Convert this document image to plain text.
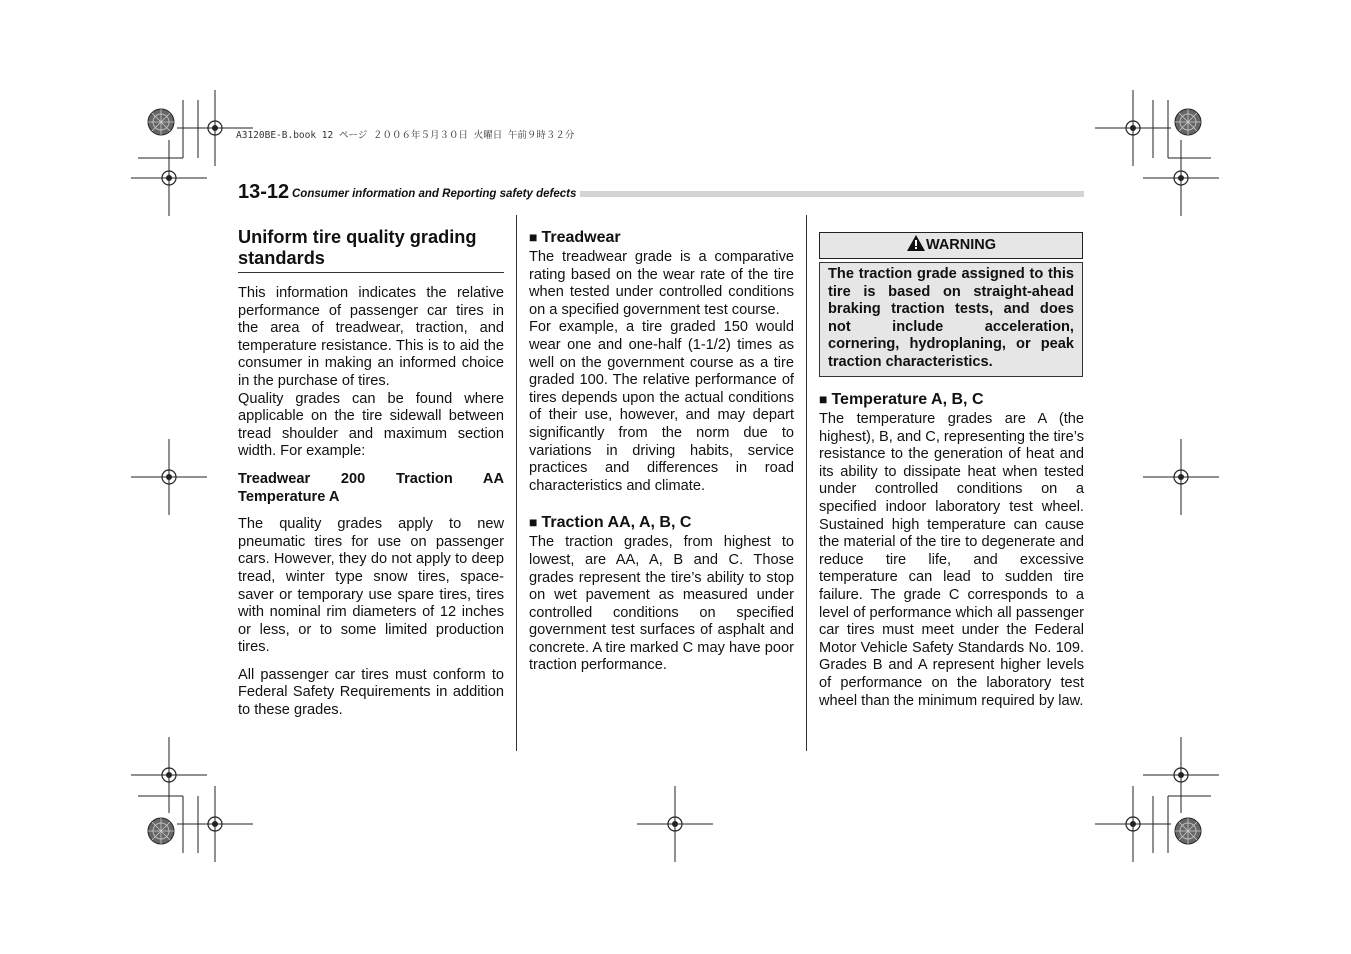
A3120BE-B.book 12 ページ ２００６年５月３０日 火曜日 午前９時３２分
13-12 Consumer information and Reporting safety defects
Uniform tire quality grading standards

This information indicates the relative performance of passenger car tires in the area of treadwear, traction, and temperature resistance. This is to aid the consumer in making an informed choice in the purchase of tires.

Quality grades can be found where applicable on the tire sidewall between tread shoulder and maximum section width. For example:

Treadwear 200 Traction AA Temperature A

The quality grades apply to new pneumatic tires for use on passenger cars. However, they do not apply to deep tread, winter type snow tires, space-saver or temporary use spare tires, tires with nominal rim diameters of 12 inches or less, or to some limited production tires.

All passenger car tires must conform to Federal Safety Requirements in addition to these grades.

■ Treadwear

The treadwear grade is a comparative rating based on the wear rate of the tire when tested under controlled conditions on a specified government test course.

For example, a tire graded 150 would wear one and one-half (1-1/2) times as well on the government course as a tire graded 100. The relative performance of tires depends upon the actual conditions of their use, however, and may depart significantly from the norm due to variations in driving habits, service practices and differences in road characteristics and climate.

■ Traction AA, A, B, C

The traction grades, from highest to lowest, are AA, A, B and C. Those grades represent the tire’s ability to stop on wet pavement as measured under controlled conditions on specified government test surfaces of asphalt and concrete. A tire marked C may have poor traction performance.

WARNING
The traction grade assigned to this tire is based on straight-ahead braking traction tests, and does not include acceleration, cornering, hydroplaning, or peak traction characteristics.
■ Temperature A, B, C

The temperature grades are A (the highest), B, and C, representing the tire’s resistance to the generation of heat and its ability to dissipate heat when tested under controlled conditions on a specified indoor laboratory test wheel. Sustained high temperature can cause the material of the tire to degenerate and reduce tire life, and excessive temperature can lead to sudden tire failure. The grade C corresponds to a level of performance which all passenger car tires must meet under the Federal Motor Vehicle Safety Standards No. 109. Grades B and A represent higher levels of performance on the laboratory test wheel than the minimum required by law.
